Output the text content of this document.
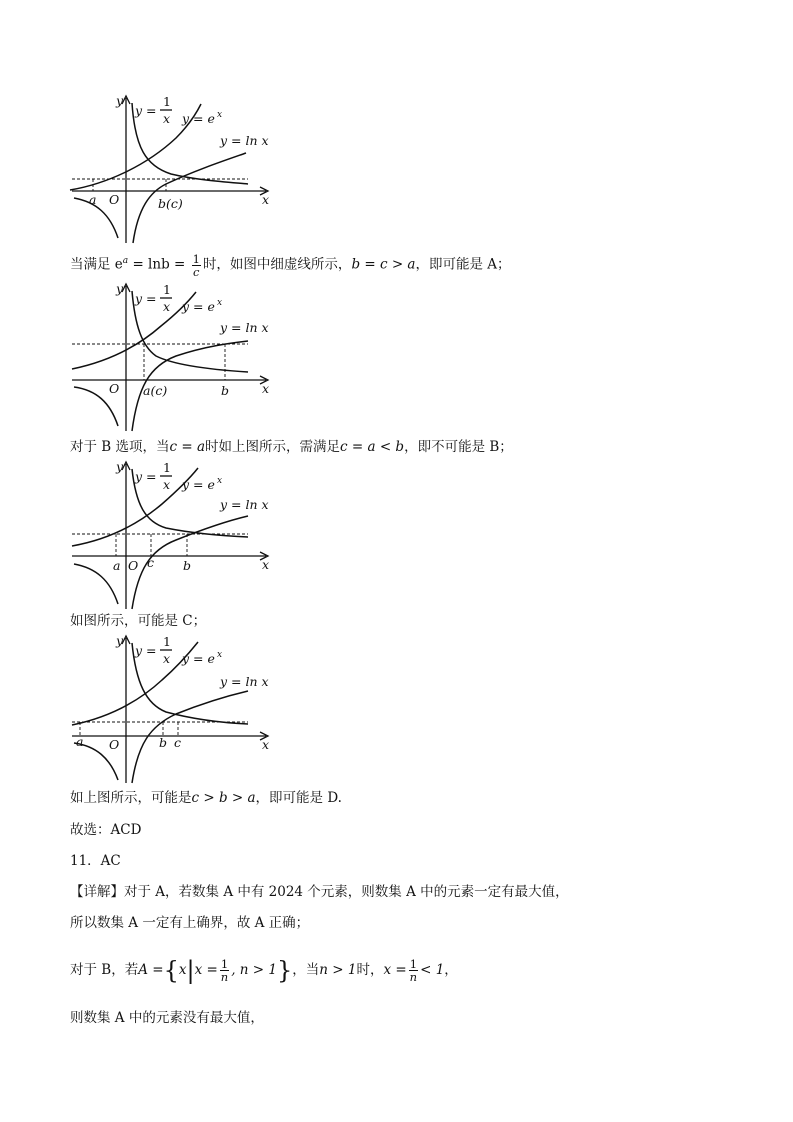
y
x
O
y =
1
x y = e x
y = ln x
a	b(c)
当满足 $e^a = \ln b = \frac{1}{c}$ 时，如图中细虚线所示，b = c > a，即可能是 A；
y
x
O
y =
1
x y = e x
y = ln x
a(c)	b
对于 B 选项，当c = a时如上图所示，需满足c = a < b，即不可能是 B；
y
x
O
y =
1
x y = e x
y = ln x
a c b
如图所示，可能是 C；
y
x
O
y =
1
x y = e x
y = ln x
a	b c
如上图所示，可能是c > b > a，即可能是 D.
故选：ACD
11．AC
【详解】对于 A，若数集 A 中有 2024 个元素，则数集 A 中的元素一定有最大值，
所以数集 A 一定有上确界，故 A 正确；
对于 B，若$A =\{x|x = \frac{1}{n}$ , n > 1}，当n > 1时，$x = \frac{1}{n} < 1$，
则数集 A 中的元素没有最大值，
